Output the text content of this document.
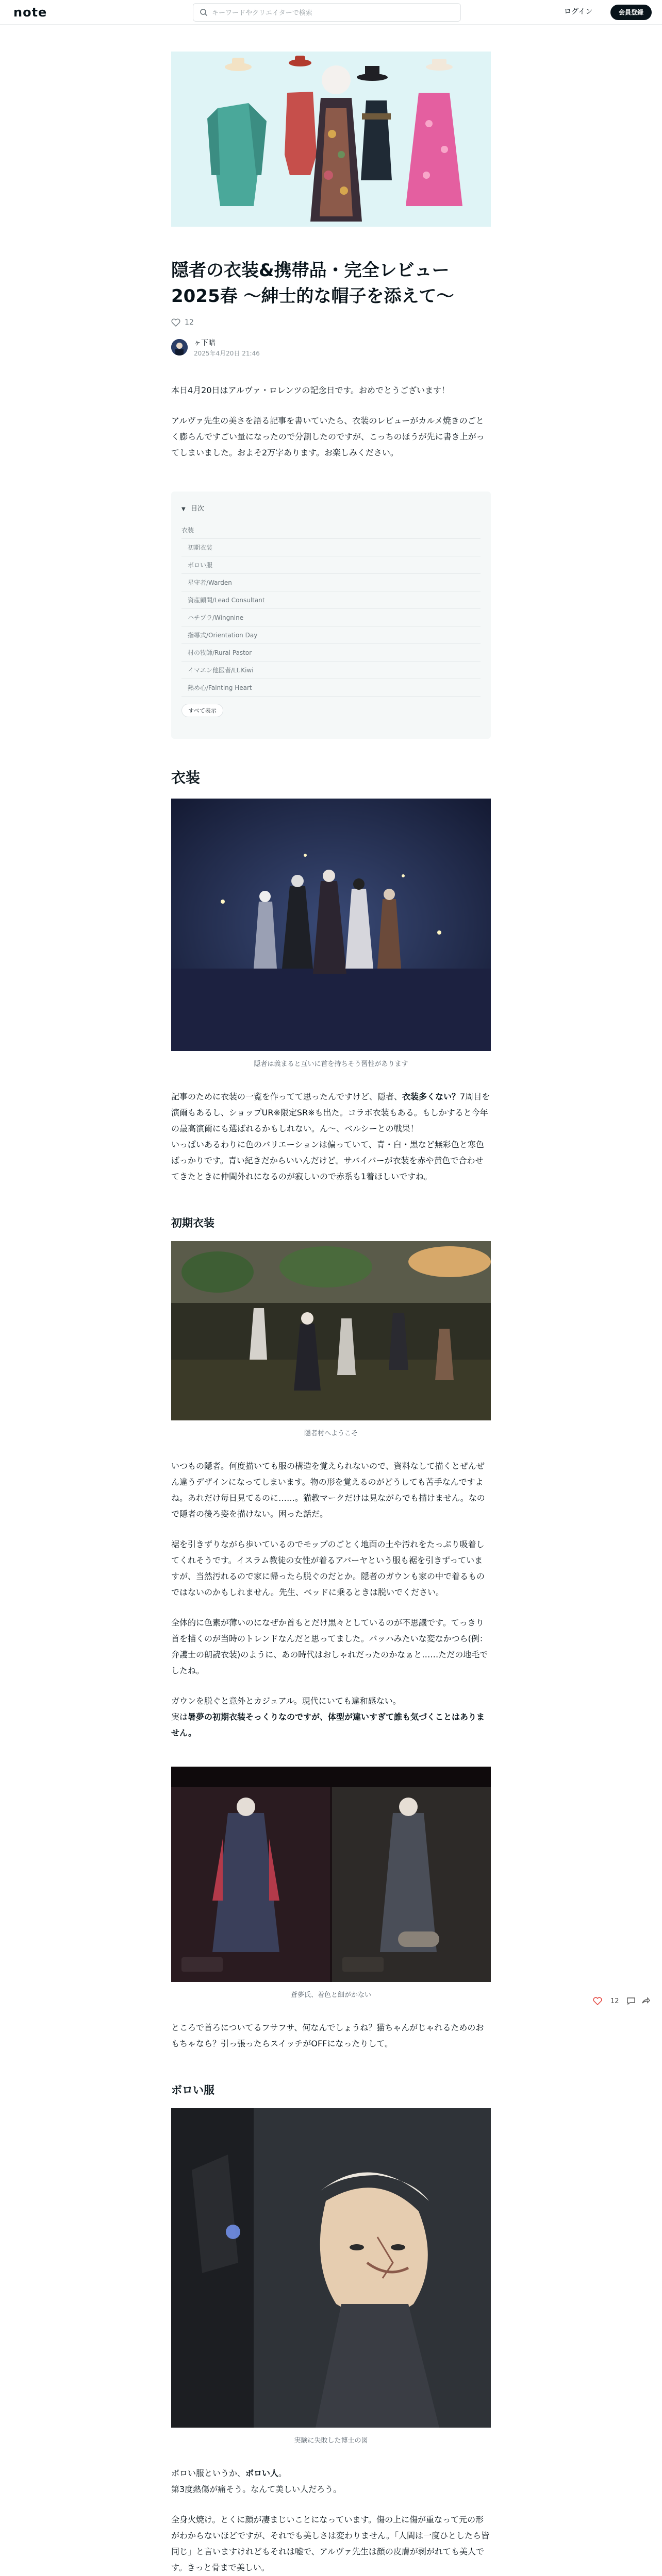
note
キーワードやクリエイターで検索	ログイン	会員登録
隠者の衣装&携帯品・完全レビュー 2025春 〜紳士的な帽子を添えて〜
12
ヶ下暗
2025年4月20日 21:46

本日4月20日はアルヴァ・ロレンツの記念日です。おめでとうございます！

アルヴァ先生の美さを語る記事を書いていたら、衣装のレビューがカルメ焼きのごとく膨らんですごい量になったので分割したのですが、こっちのほうが先に書き上がってしまいました。およそ2万字あります。お楽しみください。

▼ 目次
衣装
初期衣装
ボロい服
星守者/Warden
資産顧問/Lead Consultant
ハチブラ/Wingnine
指導式/Orientation Day
村の牧師/Rural Pastor
イマエン他医者/Lt.Kiwi
熱め心/Fainting Heart
すべて表示
衣装
隠者は義まると互いに首を持ちそう習性があります

記事のために衣装の一覧を作ってて思ったんですけど、隠者、衣装多くない？7周目を演爾もあるし、ショップUR※限定SR※も出た。コラボ衣装もある。もしかすると今年の最高演爾にも選ばれるかもしれない。ん〜、ベルシーとの戦果！

いっぱいあるわりに色のバリエーションは偏っていて、青・白・黒など無彩色と寒色ばっかりです。青い紀きだからいいんだけど。サバイバーが衣装を赤や黄色で合わせてきたときに仲間外れになるのが寂しいので赤系も1着ほしいですね。

初期衣装
隠者村へようこそ

いつもの隠者。何度描いても服の構造を覚えられないので、資料なして描くとぜんぜん違うデザインになってしまいます。物の形を覚えるのがどうしても苦手なんですよね。あれだけ毎日見てるのに……。猫教マークだけは見ながらでも描けません。なので隠者の後ろ姿を描けない。困った話だ。

裾を引きずりながら歩いているのでモップのごとく地面の土や汚れをたっぷり吸着してくれそうです。イスラム教徒の女性が着るアバーヤという服も裾を引きずっていますが、当然汚れるので家に帰ったら脱ぐのだとか。隠者のガウンも家の中で着るものではないのかもしれません。先生、ベッドに乗るときは脱いでください。

全体的に色素が薄いのになぜか首もとだけ黒々としているのが不思議です。てっきり首を描くのが当時のトレンドなんだと思ってました。バッハみたいな変なかつら(例：弁護士の朗読衣装)のように、あの時代はおしゃれだったのかなぁと……ただの地毛でしたね。

ガウンを脱ぐと意外とカジュアル。現代にいても違和感ない。
実は暑夢の初期衣装そっくりなのですが、体型が違いすぎて誰も気づくことはありません。

蒼夢氏、着色と細がかない

ところで首ろについてるフサフサ、何なんでしょうね？猫ちゃんがじゃれるためのおもちゃなら？引っ張ったらスイッチがOFFになったりして。

ボロい服
実験に失敗した博士の図

ボロい服というか、ボロい人。
第3度熱傷が痛そう。なんて美しい人だろう。

全身火焼け。とくに顔が凄まじいことになっています。傷の上に傷が重なって元の形がわからないほどですが、それでも美しさは変わりません。「人間は一度ひとしたら皆同じ」と言いますけれどもそれは嘘で、アルヴァ先生は顔の皮膚が剥がれても美人です。きっと骨まで美しい。

12
